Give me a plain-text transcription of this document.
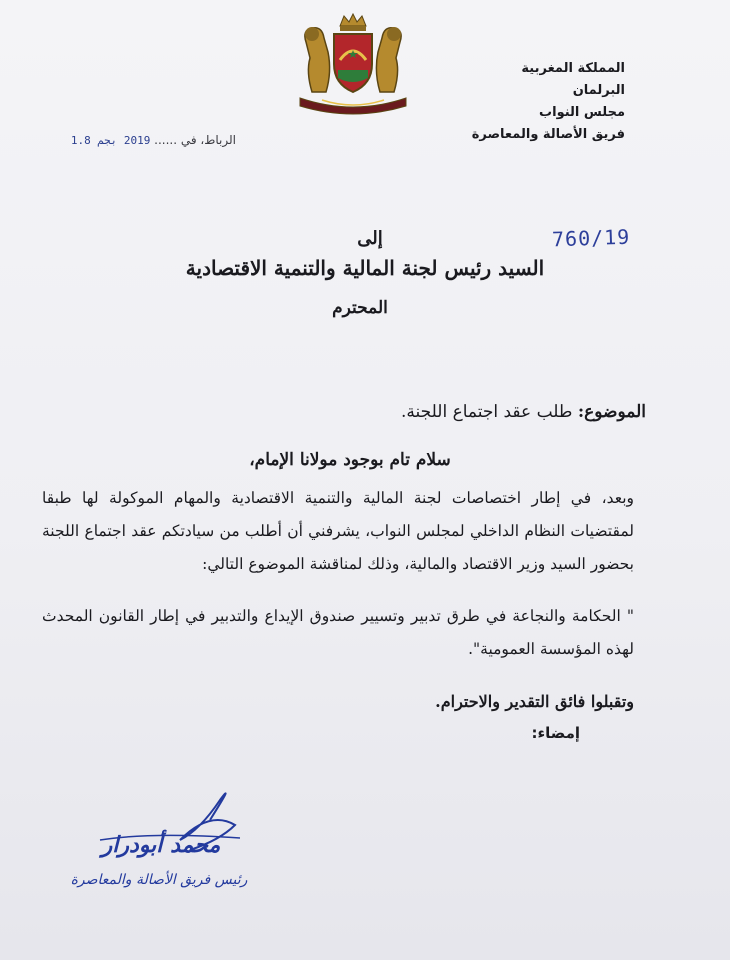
المملكة المغربية
البرلمان
مجلس النواب
فريق الأصالة والمعاصرة
الرباط، في ...... 2019 بجم 1.8
760/19
إلى
السيد رئيس لجنة المالية والتنمية الاقتصادية
المحترم
الموضوع: طلب عقد اجتماع اللجنة.
سلام تام بوجود مولانا الإمام،
وبعد، في إطار اختصاصات لجنة المالية والتنمية الاقتصادية والمهام الموكولة لها طبقا لمقتضيات النظام الداخلي لمجلس النواب، يشرفني أن أطلب من سيادتكم عقد اجتماع اللجنة بحضور السيد وزير الاقتصاد والمالية، وذلك لمناقشة الموضوع التالي:
" الحكامة والنجاعة في طرق تدبير وتسيير صندوق الإيداع والتدبير في إطار القانون المحدث لهذه المؤسسة العمومية".
وتقبلوا فائق التقدير والاحترام.
إمضاء:
محمد أبودرار
رئيس فريق الأصالة والمعاصرة
